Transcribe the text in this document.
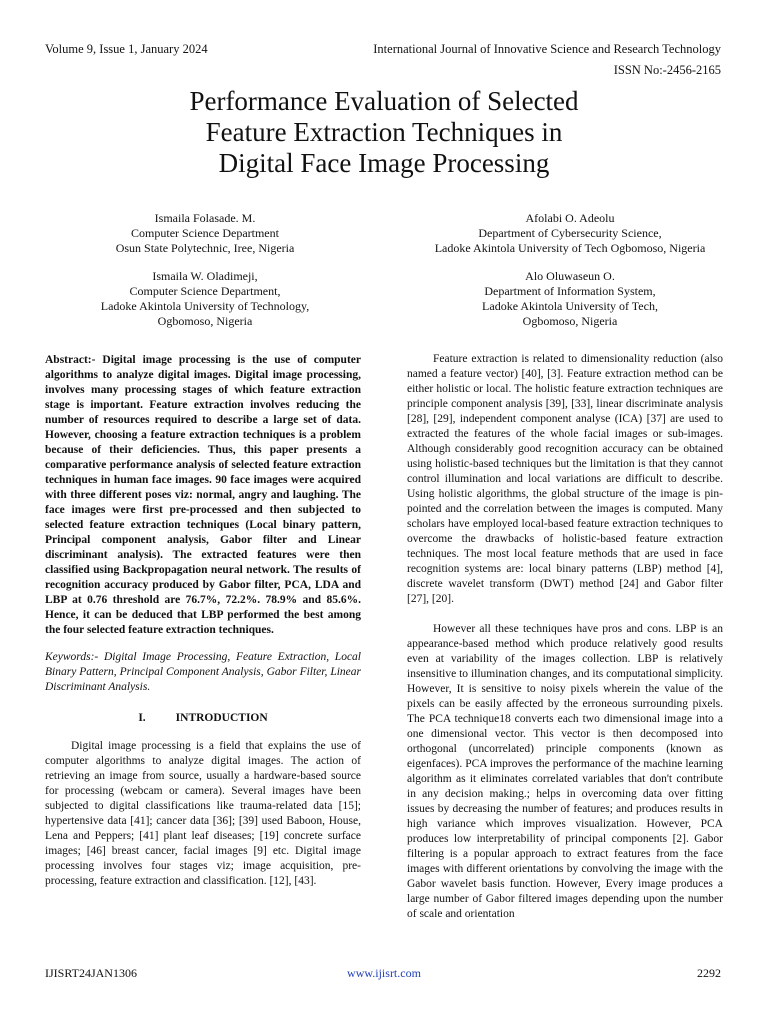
Volume 9, Issue 1, January 2024	International Journal of Innovative Science and Research Technology
ISSN No:-2456-2165
Performance Evaluation of Selected
Feature Extraction Techniques in
Digital Face Image Processing
Ismaila Folasade. M.
Computer Science Department
Osun State Polytechnic, Iree, Nigeria
Afolabi O. Adeolu
Department of Cybersecurity Science,
Ladoke Akintola University of Tech Ogbomoso, Nigeria
Ismaila W. Oladimeji,
Computer Science Department,
Ladoke Akintola University of Technology,
Ogbomoso, Nigeria
Alo Oluwaseun O.
Department of Information System,
Ladoke Akintola University of Tech,
Ogbomoso, Nigeria
Abstract:- Digital image processing is the use of computer algorithms to analyze digital images. Digital image processing, involves many processing stages of which feature extraction stage is important. Feature extraction involves reducing the number of resources required to describe a large set of data. However, choosing a feature extraction techniques is a problem because of their deficiencies. Thus, this paper presents a comparative performance analysis of selected feature extraction techniques in human face images. 90 face images were acquired with three different poses viz: normal, angry and laughing. The face images were first pre-processed and then subjected to selected feature extraction techniques (Local binary pattern, Principal component analysis, Gabor filter and Linear discriminant analysis). The extracted features were then classified using Backpropagation neural network. The results of recognition accuracy produced by Gabor filter, PCA, LDA and LBP at 0.76 threshold are 76.7%, 72.2%. 78.9% and 85.6%. Hence, it can be deduced that LBP performed the best among the four selected feature extraction techniques.
Keywords:- Digital Image Processing, Feature Extraction, Local Binary Pattern, Principal Component Analysis, Gabor Filter, Linear Discriminant Analysis.
I.	INTRODUCTION
Digital image processing is a field that explains the use of computer algorithms to analyze digital images. The action of retrieving an image from source, usually a hardware-based source for processing (webcam or camera). Several images have been subjected to digital classifications like trauma-related data [15]; hypertensive data [41]; cancer data [36]; [39] used Baboon, House, Lena and Peppers; [41] plant leaf diseases; [19] concrete surface images; [46] breast cancer, facial images [9] etc. Digital image processing involves four stages viz; image acquisition, pre-processing, feature extraction and classification. [12], [43].
Feature extraction is related to dimensionality reduction (also named a feature vector) [40], [3]. Feature extraction method can be either holistic or local. The holistic feature extraction techniques are principle component analysis [39], [33], linear discriminate analysis [28], [29], independent component analyse (ICA) [37] are used to extracted the features of the whole facial images or sub-images. Although considerably good recognition accuracy can be obtained using holistic-based techniques but the limitation is that they cannot control illumination and local variations are difficult to describe. Using holistic algorithms, the global structure of the image is pin-pointed and the correlation between the images is computed. Many scholars have employed local-based feature extraction techniques to overcome the drawbacks of holistic-based feature extraction techniques. The most local feature methods that are used in face recognition systems are: local binary patterns (LBP) method [4], discrete wavelet transform (DWT) method [24] and Gabor filter [27], [20].
However all these techniques have pros and cons. LBP is an appearance-based method which produce relatively good results even at variability of the images collection. LBP is relatively insensitive to illumination changes, and its computational simplicity. However, It is sensitive to noisy pixels wherein the value of the pixels can be easily affected by the erroneous surrounding pixels. The PCA technique18 converts each two dimensional image into a one dimensional vector. This vector is then decomposed into orthogonal (uncorrelated) principle components (known as eigenfaces). PCA improves the performance of the machine learning algorithm as it eliminates correlated variables that don't contribute in any decision making.; helps in overcoming data over fitting issues by decreasing the number of features; and produces results in high variance which improves visualization. However, PCA produces low interpretability of principal components [2]. Gabor filtering is a popular approach to extract features from the face images with different orientations by convolving the image with the Gabor wavelet basis function. However, Every image produces a large number of Gabor filtered images depending upon the number of scale and orientation
IJISRT24JAN1306	www.ijisrt.com	2292
